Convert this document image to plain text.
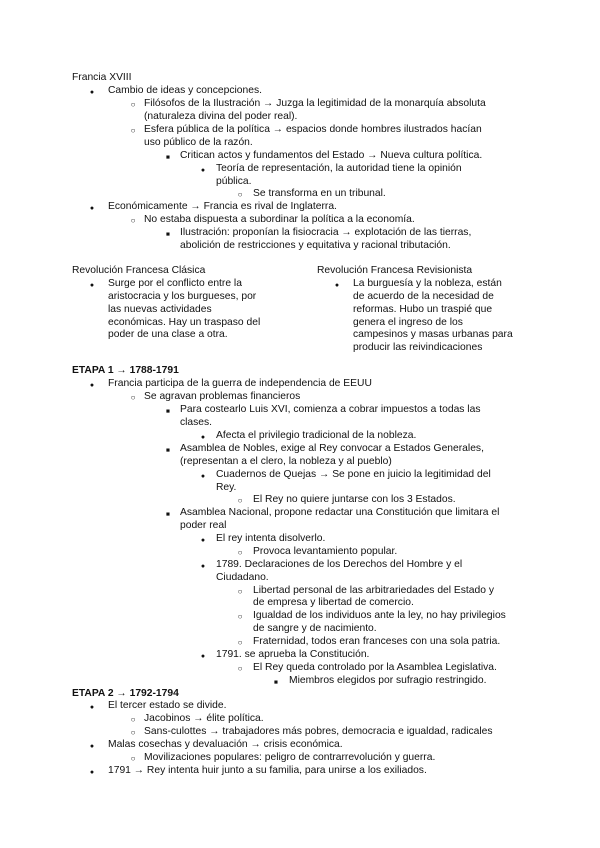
Francia XVIII
●
Cambio de ideas y concepciones.
○
Filósofos de la Ilustración → Juzga la legitimidad de la monarquía absoluta
(naturaleza divina del poder real).
○
Esfera pública de la política → espacios donde hombres ilustrados hacían
uso público de la razón.
■
Critican actos y fundamentos del Estado → Nueva cultura política.
●
Teoría de representación, la autoridad tiene la opinión
pública.
○
Se transforma en un tribunal.
●
Económicamente → Francia es rival de Inglaterra.
○
No estaba dispuesta a subordinar la política a la economía.
■
Ilustración: proponían la fisiocracia → explotación de las tierras,
abolición de restricciones y equitativa y racional tributación.
Revolución Francesa Clásica
●
Surge por el conflicto entre la
aristocracia y los burgueses, por
las nuevas actividades
económicas. Hay un traspaso del
poder de una clase a otra.
Revolución Francesa Revisionista
●
La burguesía y la nobleza, están
de acuerdo de la necesidad de
reformas. Hubo un traspié que
genera el ingreso de los
campesinos y masas urbanas para
producir las reivindicaciones
ETAPA 1 → 1788-1791
●
Francia participa de la guerra de independencia de EEUU
○
Se agravan problemas financieros
■
Para costearlo Luis XVI, comienza a cobrar impuestos a todas las
clases.
●
Afecta el privilegio tradicional de la nobleza.
■
Asamblea de Nobles, exige al Rey convocar a Estados Generales,
(representan a el clero, la nobleza y al pueblo)
●
Cuadernos de Quejas → Se pone en juicio la legitimidad del
Rey.
○
El Rey no quiere juntarse con los 3 Estados.
■
Asamblea Nacional, propone redactar una Constitución que limitara el
poder real
●
El rey intenta disolverlo.
○
Provoca levantamiento popular.
●
1789. Declaraciones de los Derechos del Hombre y el
Ciudadano.
○
Libertad personal de las arbitrariedades del Estado y
de empresa y libertad de comercio.
○
Igualdad de los individuos ante la ley, no hay privilegios
de sangre y de nacimiento.
○
Fraternidad, todos eran franceses con una sola patria.
●
1791. se aprueba la Constitución.
○
El Rey queda controlado por la Asamblea Legislativa.
■
Miembros elegidos por sufragio restringido.
ETAPA 2 → 1792-1794
●
El tercer estado se divide.
○
Jacobinos → élite política.
○
Sans-culottes → trabajadores más pobres, democracia e igualdad, radicales
●
Malas cosechas y devaluación → crisis económica.
○
Movilizaciones populares: peligro de contrarrevolución y guerra.
●
1791 → Rey intenta huir junto a su familia, para unirse a los exiliados.
